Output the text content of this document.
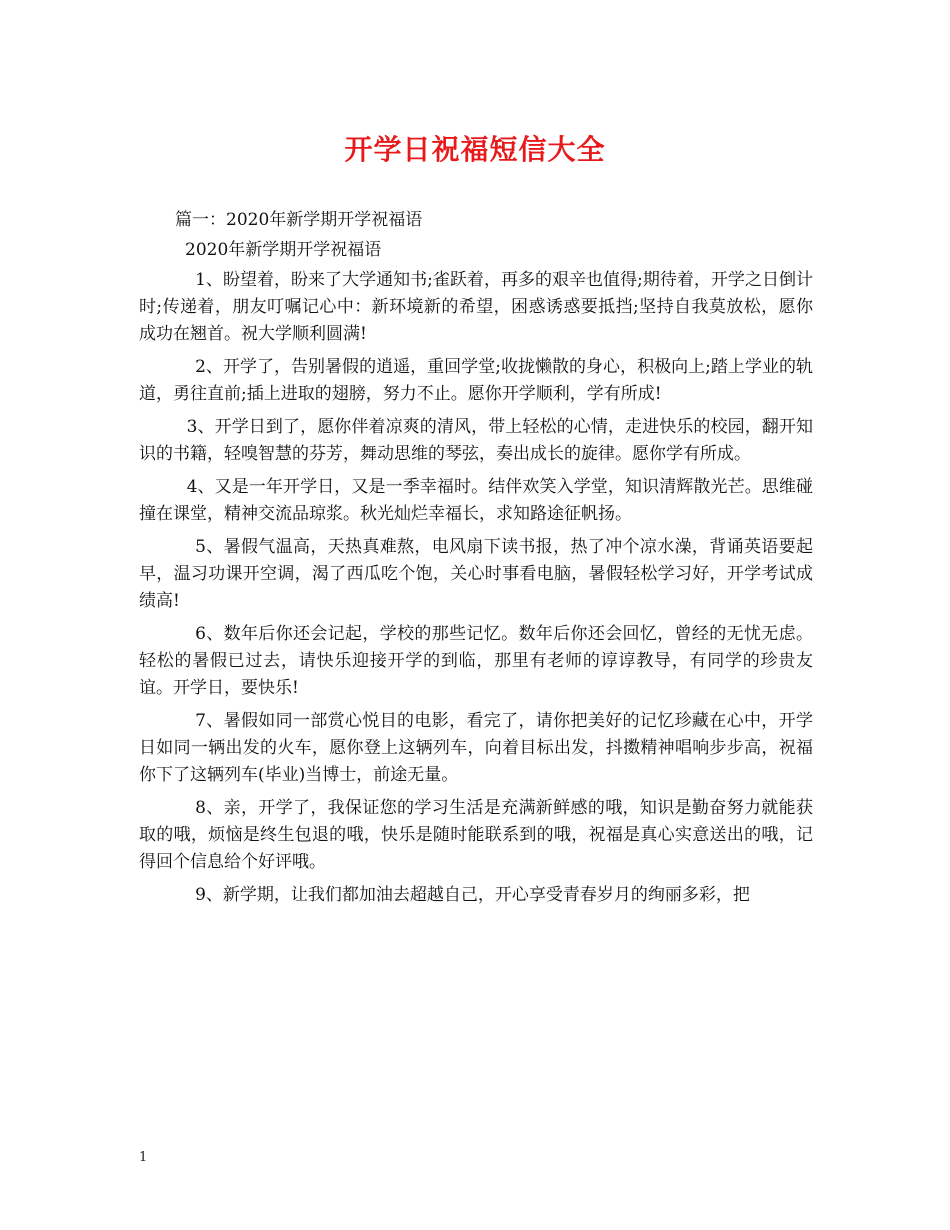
开学日祝福短信大全
篇一：2020年新学期开学祝福语
2020年新学期开学祝福语

1、盼望着，盼来了大学通知书;雀跃着，再多的艰辛也值得;期待着，开学之日倒计时;传递着，朋友叮嘱记心中：新环境新的希望，困惑诱惑要抵挡;坚持自我莫放松，愿你成功在翘首。祝大学顺利圆满!

2、开学了，告别暑假的逍遥，重回学堂;收拢懒散的身心，积极向上;踏上学业的轨道，勇往直前;插上进取的翅膀，努力不止。愿你开学顺利，学有所成!

3、开学日到了，愿你伴着凉爽的清风，带上轻松的心情，走进快乐的校园，翻开知识的书籍，轻嗅智慧的芬芳，舞动思维的琴弦，奏出成长的旋律。愿你学有所成。

4、又是一年开学日，又是一季幸福时。结伴欢笑入学堂，知识清辉散光芒。思维碰撞在课堂，精神交流品琼浆。秋光灿烂幸福长，求知路途征帆扬。

5、暑假气温高，天热真难熬，电风扇下读书报，热了冲个凉水澡，背诵英语要起早，温习功课开空调，渴了西瓜吃个饱，关心时事看电脑，暑假轻松学习好，开学考试成绩高!

6、数年后你还会记起，学校的那些记忆。数年后你还会回忆，曾经的无忧无虑。轻松的暑假已过去，请快乐迎接开学的到临，那里有老师的谆谆教导，有同学的珍贵友谊。开学日，要快乐!

7、暑假如同一部赏心悦目的电影，看完了，请你把美好的记忆珍藏在心中，开学日如同一辆出发的火车，愿你登上这辆列车，向着目标出发，抖擞精神唱响步步高，祝福你下了这辆列车(毕业)当博士，前途无量。

8、亲，开学了，我保证您的学习生活是充满新鲜感的哦，知识是勤奋努力就能获取的哦，烦恼是终生包退的哦，快乐是随时能联系到的哦，祝福是真心实意送出的哦，记得回个信息给个好评哦。

9、新学期，让我们都加油去超越自己，开心享受青春岁月的绚丽多彩，把

1
